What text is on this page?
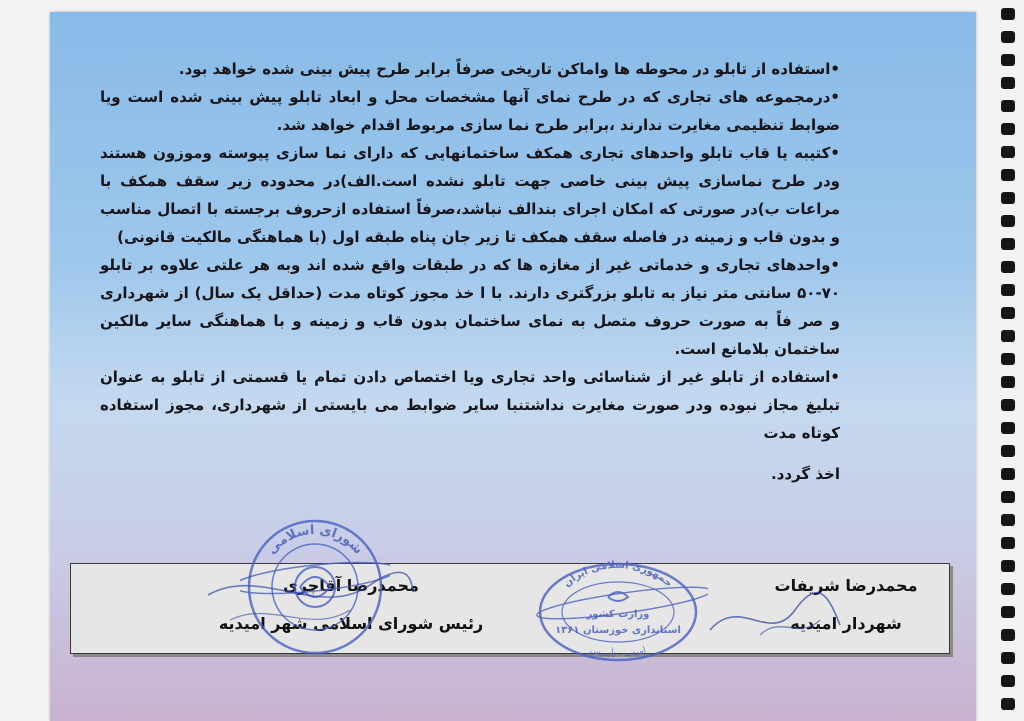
•استفاده از تابلو در محوطه ها واماکن تاریخی صرفاً برابر طرح پیش بینی شده خواهد بود.

•درمجموعه های تجاری که در طرح نمای آنها مشخصات محل و ابعاد تابلو پیش بینی شده است ویا ضوابط تنظیمی مغایرت ندارند ،برابر طرح نما سازی مربوط اقدام خواهد شد.

•کتیبه یا قاب تابلو واحدهای تجاری همکف ساختمانهایی که دارای نما سازی پیوسته وموزون هستند ودر طرح نماسازی پیش بینی خاصی جهت تابلو نشده است.الف)در محدوده زیر سقف همکف با مراعات ب)در صورتی که امکان اجرای بندالف نباشد،صرفاً استفاده ازحروف برجسته با اتصال مناسب و بدون قاب و زمینه در فاصله سقف همکف تا زیر جان پناه طبقه اول (با هماهنگی مالکیت قانونی)

•واحدهای تجاری و خدماتی غیر از مغازه ها که در طبقات واقع شده اند وبه هر علتی علاوه بر تابلو ۷۰-۵۰ سانتی متر نیاز به تابلو بزرگتری دارند. با ا خذ مجوز کوتاه مدت (حداقل یک سال) از شهرداری و صر فاً به صورت حروف متصل به نمای ساختمان بدون قاب و زمینه و با هماهنگی سایر مالکین ساختمان بلامانع است.

•استفاده از تابلو غیر از شناسائی واحد تجاری ویا اختصاص دادن تمام یا قسمتی از تابلو به عنوان تبلیغ مجاز نبوده ودر صورت مغایرت نداشتنبا سایر ضوابط می بایستی از شهرداری، مجوز استفاده کوتاه مدت

اخذ گردد.

محمدرضا شریفات
شهردار امیدیه
محمدرضا آقاجری
رئیس شورای اسلامی شهر امیدیه
شورای اسلامی
جمهوری اسلامی ایران
وزارت کشور
استانداری خوزستان ۱۳۶۱
امیدیه - تأسیس
